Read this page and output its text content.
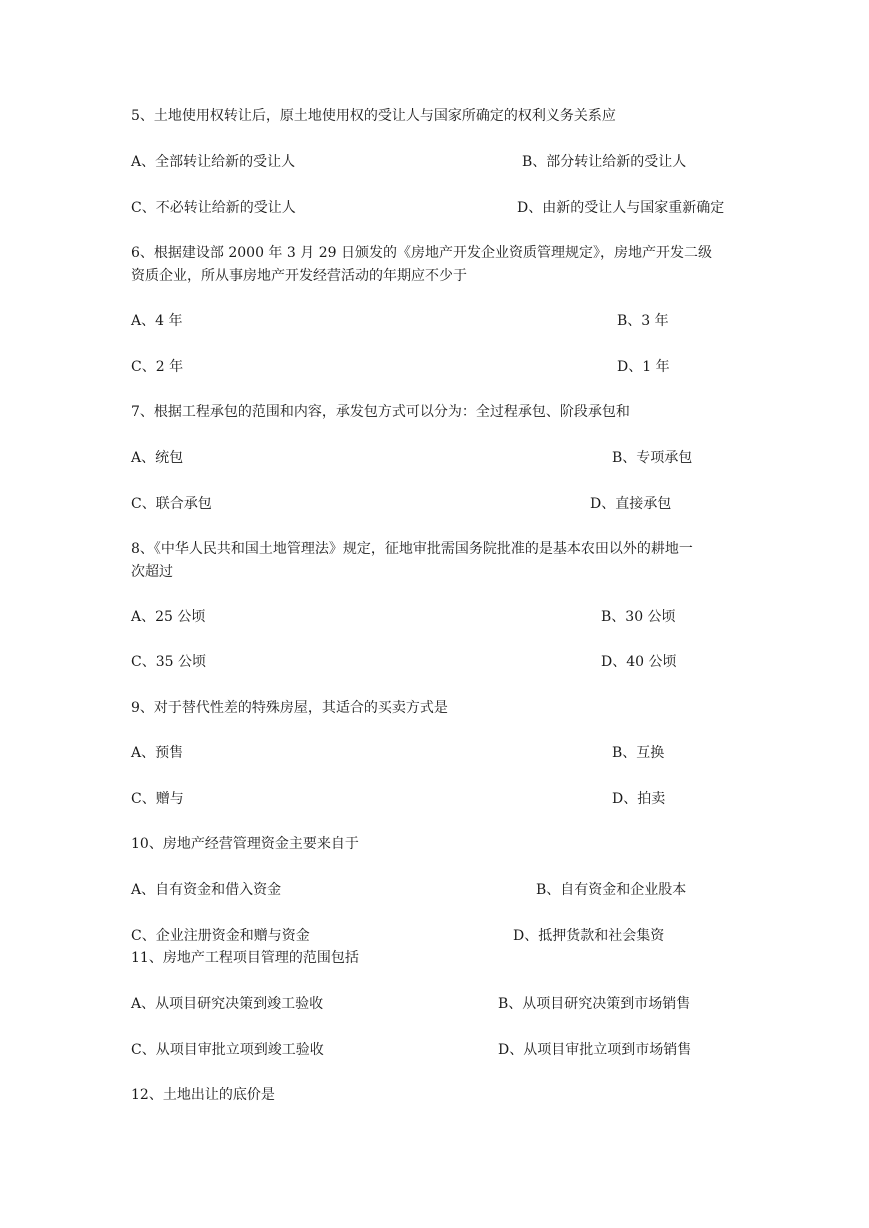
5、土地使用权转让后，原土地使用权的受让人与国家所确定的权利义务关系应
A、全部转让给新的受让人	B、部分转让给新的受让人
C、不必转让给新的受让人	D、由新的受让人与国家重新确定
6、根据建设部 2000 年 3 月 29 日颁发的《房地产开发企业资质管理规定》，房地产开发二级
资质企业，所从事房地产开发经营活动的年期应不少于
A、4 年	B、3 年
C、2 年	D、1 年
7、根据工程承包的范围和内容，承发包方式可以分为：全过程承包、阶段承包和
A、统包	B、专项承包
C、联合承包	D、直接承包
8、《中华人民共和国土地管理法》规定，征地审批需国务院批准的是基本农田以外的耕地一
次超过
A、25 公顷	B、30 公顷
C、35 公顷	D、40 公顷
9、对于替代性差的特殊房屋，其适合的买卖方式是
A、预售	B、互换
C、赠与	D、拍卖
10、房地产经营管理资金主要来自于
A、自有资金和借入资金	B、自有资金和企业股本
C、企业注册资金和赠与资金	D、抵押货款和社会集资
11、房地产工程项目管理的范围包括
A、从项目研究决策到竣工验收	B、从项目研究决策到市场销售
C、从项目审批立项到竣工验收	D、从项目审批立项到市场销售
12、土地出让的底价是
